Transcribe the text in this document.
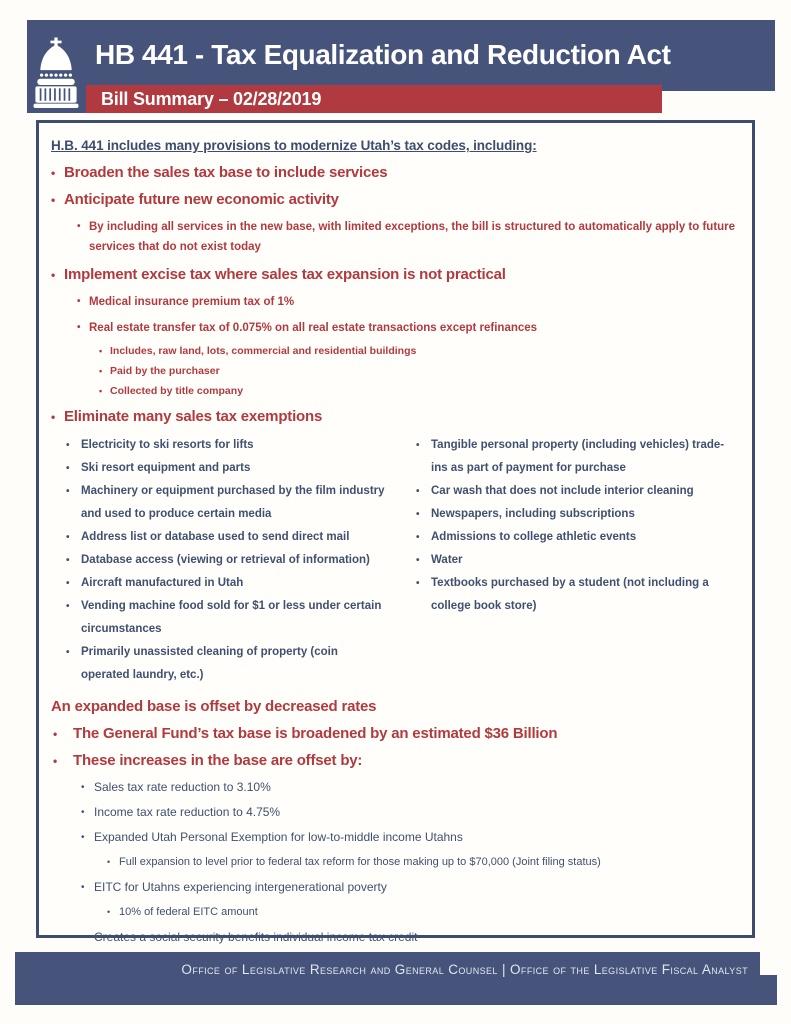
HB 441 - Tax Equalization and Reduction Act
Bill Summary – 02/28/2019
H.B. 441 includes many provisions to modernize Utah’s tax codes, including:
• Broaden the sales tax base to include services
• Anticipate future new economic activity
• By including all services in the new base, with limited exceptions, the bill is structured to automatically apply to future services that do not exist today
• Implement excise tax where sales tax expansion is not practical
• Medical insurance premium tax of 1%
• Real estate transfer tax of 0.075% on all real estate transactions except refinances
• Includes, raw land, lots, commercial and residential buildings
• Paid by the purchaser
• Collected by title company
• Eliminate many sales tax exemptions
• Electricity to ski resorts for lifts
• Ski resort equipment and parts
• Machinery or equipment purchased by the film industry and used to produce certain media
• Address list or database used to send direct mail
• Database access (viewing or retrieval of information)
• Aircraft manufactured in Utah
• Vending machine food sold for $1 or less under certain circumstances
• Primarily unassisted cleaning of property (coin operated laundry, etc.)
• Tangible personal property (including vehicles) trade-ins as part of payment for purchase
• Car wash that does not include interior cleaning
• Newspapers, including subscriptions
• Admissions to college athletic events
• Water
• Textbooks purchased by a student (not including a college book store)
An expanded base is offset by decreased rates
• The General Fund’s tax base is broadened by an estimated $36 Billion
• These increases in the base are offset by:
• Sales tax rate reduction to 3.10%
• Income tax rate reduction to 4.75%
• Expanded Utah Personal Exemption for low-to-middle income Utahns
• Full expansion to level prior to federal tax reform for those making up to $70,000 (Joint filing status)
• EITC for Utahns experiencing intergenerational poverty
• 10% of federal EITC amount
• Creates a social security benefits individual income tax credit
Office of Legislative Research and General Counsel | Office of the Legislative Fiscal Analyst
